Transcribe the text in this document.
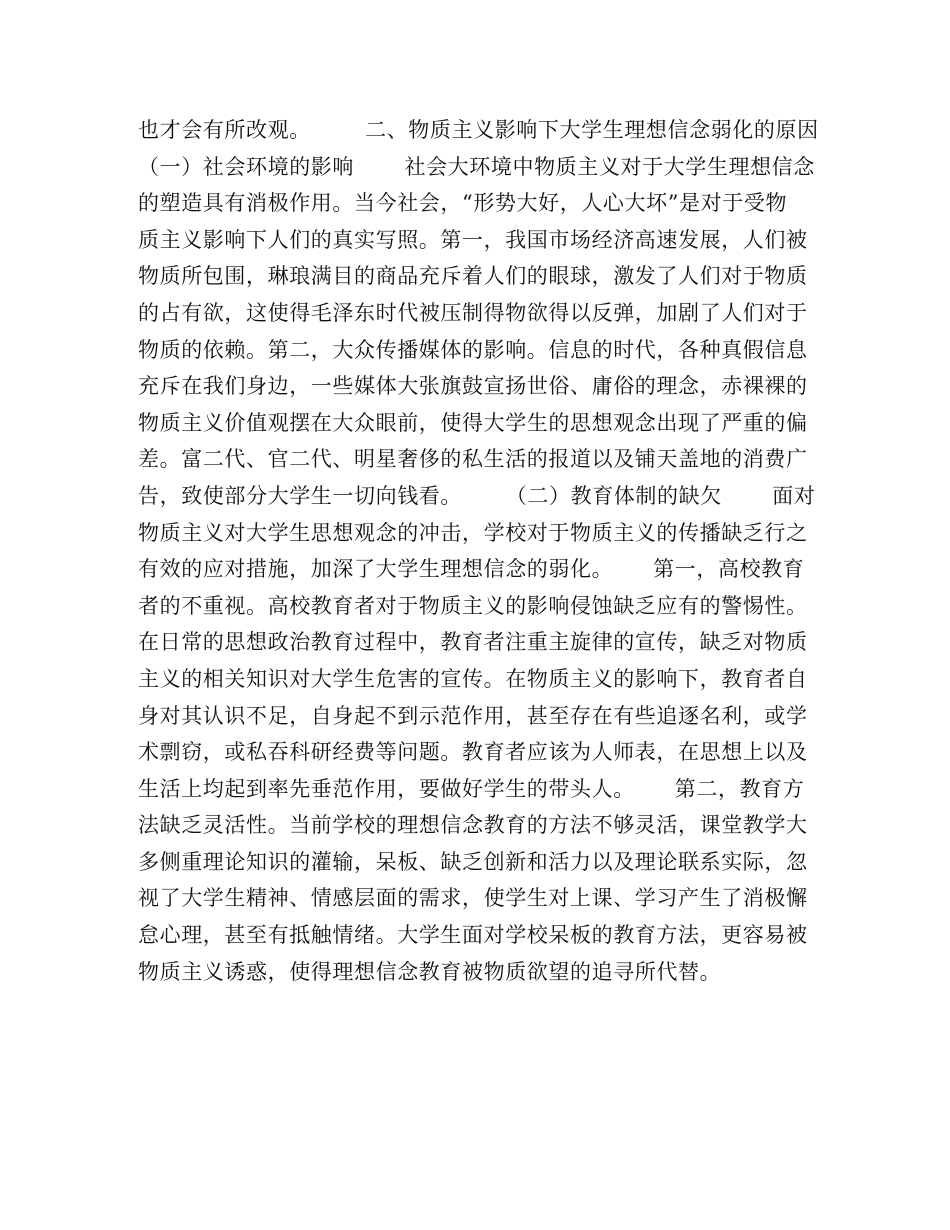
也才会有所改观。　　　二、物质主义影响下大学生理想信念弱化的原因
（一）社会环境的影响　　 社会大环境中物质主义对于大学生理想信念
的塑造具有消极作用。当今社会，“形势大好，人心大坏”是对于受物
质主义影响下人们的真实写照。第一，我国市场经济高速发展，人们被
物质所包围，琳琅满目的商品充斥着人们的眼球，激发了人们对于物质
的占有欲，这使得毛泽东时代被压制得物欲得以反弹，加剧了人们对于
物质的依赖。第二，大众传播媒体的影响。信息的时代，各种真假信息
充斥在我们身边，一些媒体大张旗鼓宣扬世俗、庸俗的理念，赤裸裸的
物质主义价值观摆在大众眼前，使得大学生的思想观念出现了严重的偏
差。富二代、官二代、明星奢侈的私生活的报道以及铺天盖地的消费广
告，致使部分大学生一切向钱看。　　　（二）教育体制的缺欠　　 面对
物质主义对大学生思想观念的冲击，学校对于物质主义的传播缺乏行之
有效的应对措施，加深了大学生理想信念的弱化。　　 第一，高校教育
者的不重视。高校教育者对于物质主义的影响侵蚀缺乏应有的警惕性。
在日常的思想政治教育过程中，教育者注重主旋律的宣传，缺乏对物质
主义的相关知识对大学生危害的宣传。在物质主义的影响下，教育者自
身对其认识不足，自身起不到示范作用，甚至存在有些追逐名利，或学
术剽窃，或私吞科研经费等问题。教育者应该为人师表，在思想上以及
生活上均起到率先垂范作用，要做好学生的带头人。　　 第二，教育方
法缺乏灵活性。当前学校的理想信念教育的方法不够灵活，课堂教学大
多侧重理论知识的灌输，呆板、缺乏创新和活力以及理论联系实际，忽
视了大学生精神、情感层面的需求，使学生对上课、学习产生了消极懈
怠心理，甚至有抵触情绪。大学生面对学校呆板的教育方法，更容易被
物质主义诱惑，使得理想信念教育被物质欲望的追寻所代替。
